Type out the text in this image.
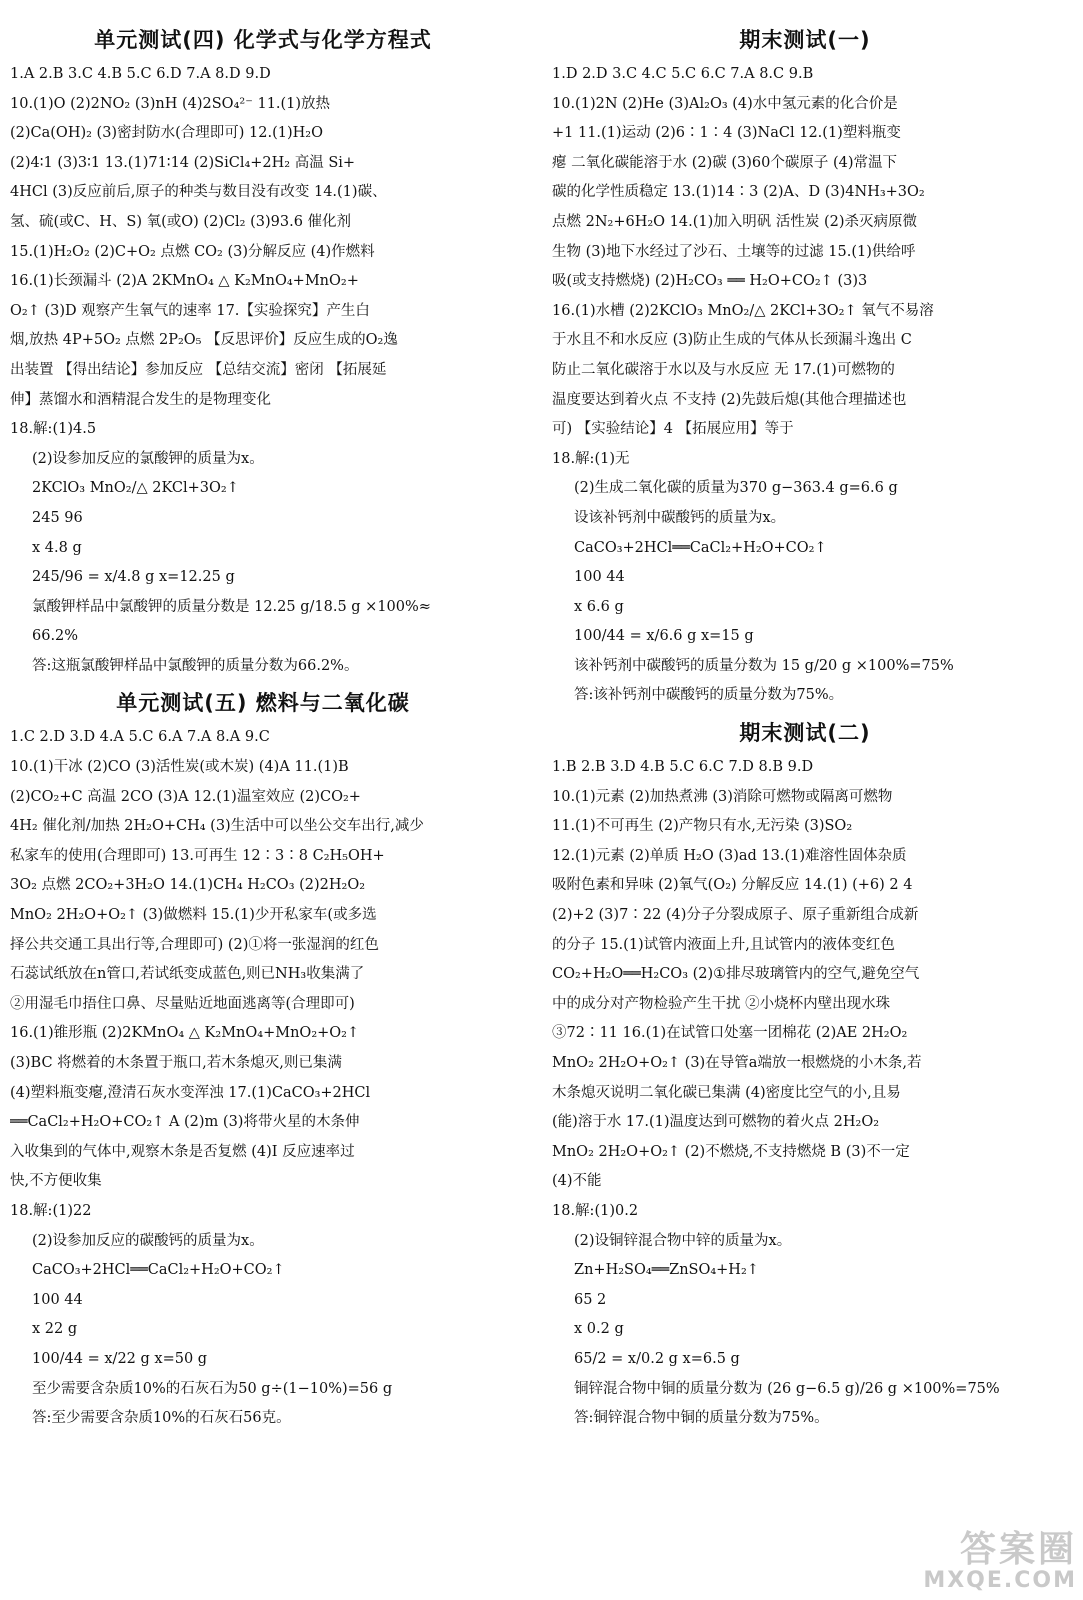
单元测试(四) 化学式与化学方程式
1.A 2.B 3.C 4.B 5.C 6.D 7.A 8.D 9.D
10.(1)O (2)2NO₂ (3)nH (4)2SO₄²⁻ 11.(1)放热
(2)Ca(OH)₂ (3)密封防水(合理即可) 12.(1)H₂O
(2)4∶1 (3)3∶1 13.(1)71∶14 (2)SiCl₄+2H₂ 高温 Si+
4HCl (3)反应前后,原子的种类与数目没有改变 14.(1)碳、
氢、硫(或C、H、S) 氧(或O) (2)Cl₂ (3)93.6 催化剂
15.(1)H₂O₂ (2)C+O₂ 点燃 CO₂ (3)分解反应 (4)作燃料
16.(1)长颈漏斗 (2)A 2KMnO₄ △ K₂MnO₄+MnO₂+
O₂↑ (3)D 观察产生氧气的速率 17.【实验探究】产生白
烟,放热 4P+5O₂ 点燃 2P₂O₅ 【反思评价】反应生成的O₂逸
出装置 【得出结论】参加反应 【总结交流】密闭 【拓展延
伸】蒸馏水和酒精混合发生的是物理变化
18.解:(1)4.5
(2)设参加反应的氯酸钾的质量为x。
2KClO₃ MnO₂/△ 2KCl+3O₂↑
245 96
x 4.8 g
245/96 = x/4.8 g x=12.25 g
氯酸钾样品中氯酸钾的质量分数是 12.25 g/18.5 g ×100%≈
66.2%
答:这瓶氯酸钾样品中氯酸钾的质量分数为66.2%。
单元测试(五) 燃料与二氧化碳
1.C 2.D 3.D 4.A 5.C 6.A 7.A 8.A 9.C
10.(1)干冰 (2)CO (3)活性炭(或木炭) (4)A 11.(1)B
(2)CO₂+C 高温 2CO (3)A 12.(1)温室效应 (2)CO₂+
4H₂ 催化剂/加热 2H₂O+CH₄ (3)生活中可以坐公交车出行,减少
私家车的使用(合理即可) 13.可再生 12∶3∶8 C₂H₅OH+
3O₂ 点燃 2CO₂+3H₂O 14.(1)CH₄ H₂CO₃ (2)2H₂O₂
MnO₂ 2H₂O+O₂↑ (3)做燃料 15.(1)少开私家车(或多选
择公共交通工具出行等,合理即可) (2)①将一张湿润的红色
石蕊试纸放在n管口,若试纸变成蓝色,则已NH₃收集满了
②用湿毛巾捂住口鼻、尽量贴近地面逃离等(合理即可)
16.(1)锥形瓶 (2)2KMnO₄ △ K₂MnO₄+MnO₂+O₂↑
(3)BC 将燃着的木条置于瓶口,若木条熄灭,则已集满
(4)塑料瓶变瘪,澄清石灰水变浑浊 17.(1)CaCO₃+2HCl
══CaCl₂+H₂O+CO₂↑ A (2)m (3)将带火星的木条伸
入收集到的气体中,观察木条是否复燃 (4)Ⅰ 反应速率过
快,不方便收集
18.解:(1)22
(2)设参加反应的碳酸钙的质量为x。
CaCO₃+2HCl══CaCl₂+H₂O+CO₂↑
100 44
x 22 g
100/44 = x/22 g x=50 g
至少需要含杂质10%的石灰石为50 g÷(1−10%)=56 g
答:至少需要含杂质10%的石灰石56克。
期末测试(一)
1.D 2.D 3.C 4.C 5.C 6.C 7.A 8.C 9.B
10.(1)2N (2)He (3)Al₂O₃ (4)水中氢元素的化合价是
+1 11.(1)运动 (2)6∶1∶4 (3)NaCl 12.(1)塑料瓶变
瘪 二氧化碳能溶于水 (2)碳 (3)60个碳原子 (4)常温下
碳的化学性质稳定 13.(1)14∶3 (2)A、D (3)4NH₃+3O₂
点燃 2N₂+6H₂O 14.(1)加入明矾 活性炭 (2)杀灭病原微
生物 (3)地下水经过了沙石、土壤等的过滤 15.(1)供给呼
吸(或支持燃烧) (2)H₂CO₃ ══ H₂O+CO₂↑ (3)3
16.(1)水槽 (2)2KClO₃ MnO₂/△ 2KCl+3O₂↑ 氧气不易溶
于水且不和水反应 (3)防止生成的气体从长颈漏斗逸出 C
防止二氧化碳溶于水以及与水反应 无 17.(1)可燃物的
温度要达到着火点 不支持 (2)先鼓后熄(其他合理描述也
可) 【实验结论】4 【拓展应用】等于
18.解:(1)无
(2)生成二氧化碳的质量为370 g−363.4 g=6.6 g
设该补钙剂中碳酸钙的质量为x。
CaCO₃+2HCl══CaCl₂+H₂O+CO₂↑
100 44
x 6.6 g
100/44 = x/6.6 g x=15 g
该补钙剂中碳酸钙的质量分数为 15 g/20 g ×100%=75%
答:该补钙剂中碳酸钙的质量分数为75%。
期末测试(二)
1.B 2.B 3.D 4.B 5.C 6.C 7.D 8.B 9.D
10.(1)元素 (2)加热煮沸 (3)消除可燃物或隔离可燃物
11.(1)不可再生 (2)产物只有水,无污染 (3)SO₂
12.(1)元素 (2)单质 H₂O (3)ad 13.(1)难溶性固体杂质
吸附色素和异味 (2)氧气(O₂) 分解反应 14.(1) (+6) 2 4
(2)+2 (3)7∶22 (4)分子分裂成原子、原子重新组合成新
的分子 15.(1)试管内液面上升,且试管内的液体变红色
CO₂+H₂O══H₂CO₃ (2)①排尽玻璃管内的空气,避免空气
中的成分对产物检验产生干扰 ②小烧杯内壁出现水珠
③72∶11 16.(1)在试管口处塞一团棉花 (2)AE 2H₂O₂
MnO₂ 2H₂O+O₂↑ (3)在导管a端放一根燃烧的小木条,若
木条熄灭说明二氧化碳已集满 (4)密度比空气的小,且易
(能)溶于水 17.(1)温度达到可燃物的着火点 2H₂O₂
MnO₂ 2H₂O+O₂↑ (2)不燃烧,不支持燃烧 B (3)不一定
(4)不能
18.解:(1)0.2
(2)设铜锌混合物中锌的质量为x。
Zn+H₂SO₄══ZnSO₄+H₂↑
65 2
x 0.2 g
65/2 = x/0.2 g x=6.5 g
铜锌混合物中铜的质量分数为 (26 g−6.5 g)/26 g ×100%=75%
答:铜锌混合物中铜的质量分数为75%。
答案圈
MXQE.COM
